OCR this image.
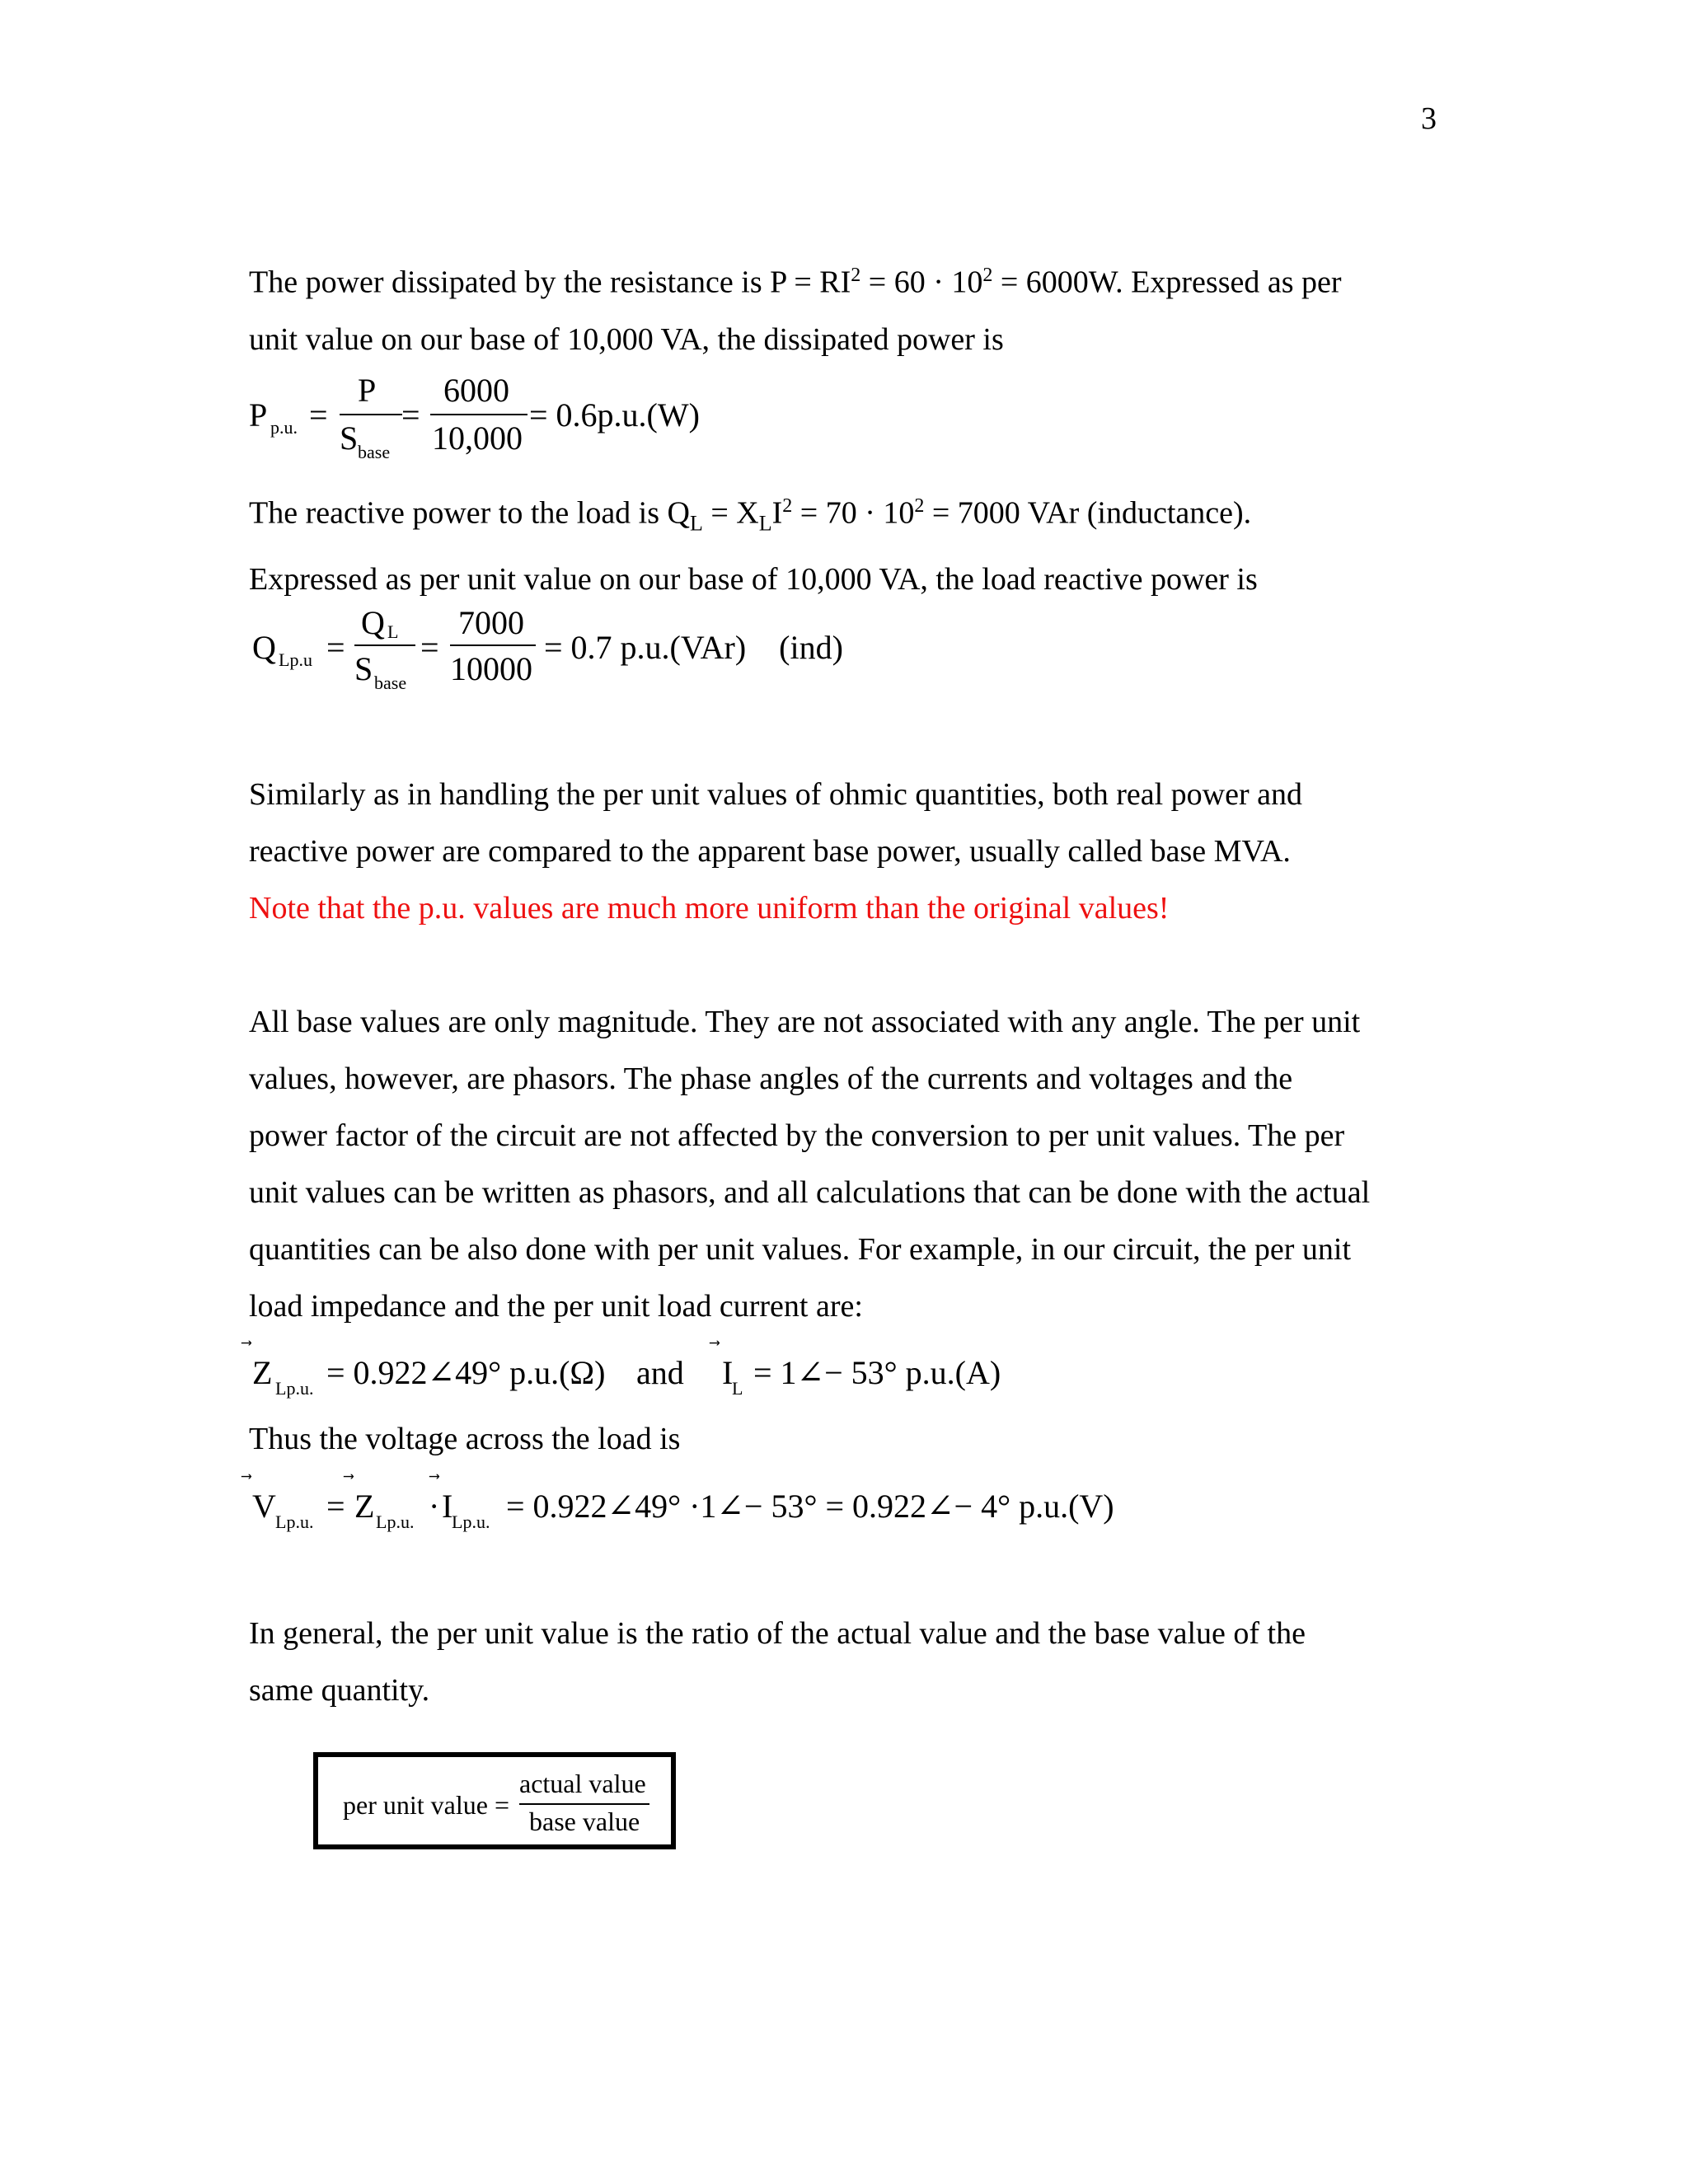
3

The power dissipated by the resistance is $P = RI^2 = 60 \cdot 10^2 = 6000W$. Expressed as per
unit value on our base of 10,000 VA, the dissipated power is

P p.u. =
P
S base
=
6000
10,000
= 0.6p.u.(W)

The reactive power to the load is $Q_L = X_LI^2 = 70 \cdot 10^2 = 7000$ VAr (inductance).
Expressed as per unit value on our base of 10,000 VA, the load reactive power is

Q Lp.u =
Q L
S base
=
7000
10000
= 0.7 p.u.(VAr)    (ind)

Similarly as in handling the per unit values of ohmic quantities, both real power and
reactive power are compared to the apparent base power, usually called base MVA.
Note that the p.u. values are much more uniform than the original values!

All base values are only magnitude. They are not associated with any angle. The per unit
values, however, are phasors. The phase angles of the currents and voltages and the
power factor of the circuit are not affected by the conversion to per unit values. The per
unit values can be written as phasors, and all calculations that can be done with the actual
quantities can be also done with per unit values. For example, in our circuit, the per unit
load impedance and the per unit load current are:

Z Lp.u. = 0.922∠49° p.u.(Ω) and I
L = 1∠− 53° p.u.(A)

Thus the voltage across the load is

V Lp.u. = Z Lp.u. · I
Lp.u. = 0.922∠49° ·1∠− 53° = 0.922∠− 4° p.u.(V)

In general, the per unit value is the ratio of the actual value and the base value of the
same quantity.

per unit value =
actual value
base value
